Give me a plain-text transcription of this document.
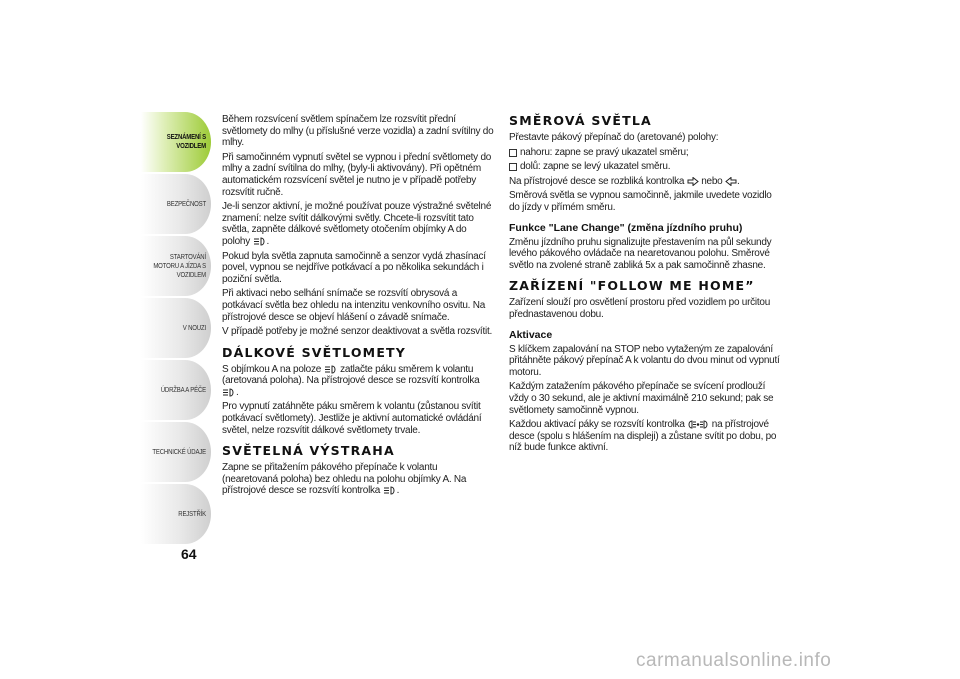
SEZNÁMENÍ S VOZIDLEM
BEZPEČNOST
STARTOVÁNÍ MOTORU A JÍZDA S VOZIDLEM
V NOUZI
ÚDRŽBA A PÉČE
TECHNICKÉ ÚDAJE
REJSTŘÍK
64

Během rozsvícení světlem spínačem lze rozsvítit přední světlomety do mlhy (u příslušné verze vozidla) a zadní svítilny do mlhy.

Při samočinném vypnutí světel se vypnou i přední světlomety do mlhy a zadní svítilna do mlhy, (byly-li aktivovány). Při opětném automatickém rozsvícení světel je nutno je v případě potřeby rozsvítit ručně.

Je-li senzor aktivní, je možné používat pouze výstražné světelné znamení: nelze svítit dálkovými světly. Chcete-li rozsvítit tato světla, zapněte dálkové světlomety otočením objímky A do polohy .

Pokud byla světla zapnuta samočinně a senzor vydá zhasínací povel, vypnou se nejdříve potkávací a po několika sekundách i poziční světla.

Při aktivaci nebo selhání snímače se rozsvítí obrysová a potkávací světla bez ohledu na intenzitu venkovního osvitu. Na přístrojové desce se objeví hlášení o závadě snímače.

V případě potřeby je možné senzor deaktivovat a světla rozsvítit.

DÁLKOVÉ SVĚTLOMETY

S objímkou A na poloze zatlačte páku směrem k volantu (aretovaná poloha). Na přístrojové desce se rozsvítí kontrolka
.

Pro vypnutí zatáhněte páku směrem k volantu (zůstanou svítit potkávací světlomety). Jestliže je aktivní automatické ovládání světel, nelze rozsvítit dálkové světlomety trvale.

SVĚTELNÁ VÝSTRAHA

Zapne se přitažením pákového přepínače k volantu (nearetovaná poloha) bez ohledu na polohu objímky A. Na přístrojové desce se rozsvítí kontrolka .

SMĚROVÁ SVĚTLA

Přestavte pákový přepínač do (aretované) polohy:

nahoru: zapne se pravý ukazatel směru;

dolů: zapne se levý ukazatel směru.

Na přístrojové desce se rozbliká kontrolka nebo .

Směrová světla se vypnou samočinně, jakmile uvedete vozidlo do jízdy v přímém směru.

Funkce "Lane Change" (změna jízdního pruhu)

Změnu jízdního pruhu signalizujte přestavením na půl sekundy levého pákového ovládače na nearetovanou polohu. Směrové světlo na zvolené straně zabliká 5x a pak samočinně zhasne.

ZAŘÍZENÍ "FOLLOW ME HOME”

Zařízení slouží pro osvětlení prostoru před vozidlem po určitou přednastavenou dobu.

Aktivace

S klíčkem zapalování na STOP nebo vytaženým ze zapalování přitáhněte pákový přepínač A k volantu do dvou minut od vypnutí motoru.

Každým zatažením pákového přepínače se svícení prodlouží vždy o 30 sekund, ale je aktivní maximálně 210 sekund; pak se světlomety samočinně vypnou.

Každou aktivací páky se rozsvítí kontrolka	na přístrojové desce (spolu s hlášením na displeji) a zůstane svítit po dobu, po níž bude funkce aktivní.

carmanualsonline.info
